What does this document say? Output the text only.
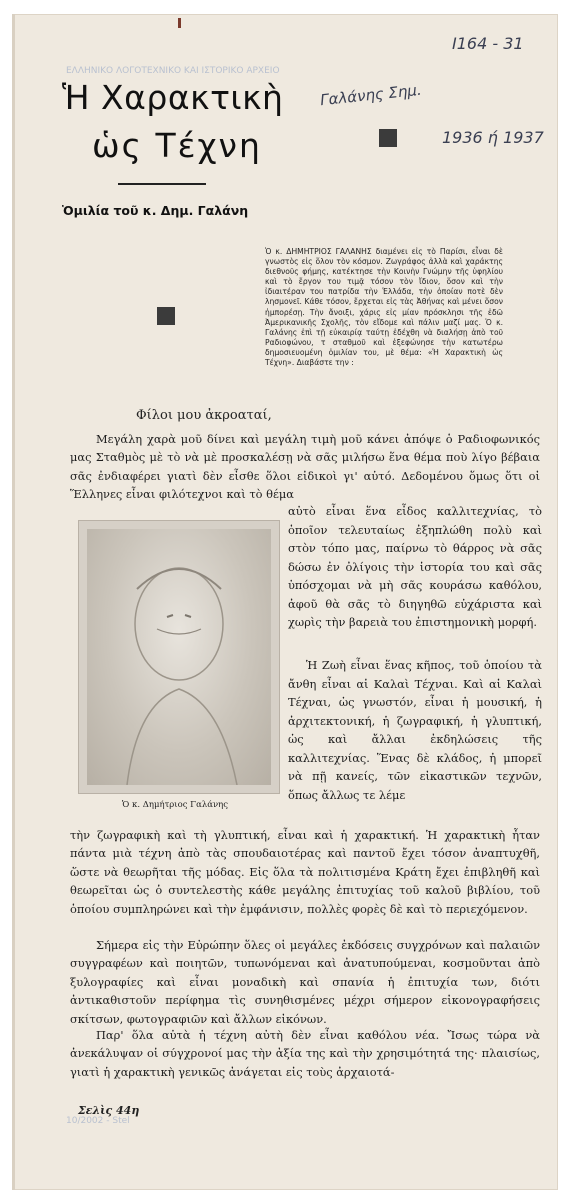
Ι164 - 31
Γαλάνης Σημ.
1936 ή 1937
ΕΛΛΗΝΙΚΟ ΛΟΓΟΤΕΧΝΙΚΟ ΚΑΙ ΙΣΤΟΡΙΚΟ ΑΡΧΕΙΟ
10/2002 - Stel
Ἡ Χαρακτικὴ
ὡς Τέχνη
Ὁμιλία τοῦ κ. Δημ. Γαλάνη
Ὁ κ. ΔΗΜΗΤΡΙΟΣ ΓΑΛΑΝΗΣ διαμένει εἰς τὸ Παρίσι, εἶναι δὲ γνωστὸς εἰς ὅλον τὸν κόσμον. Ζωγράφος ἀλλὰ καὶ χαράκτης διεθνοῦς φήμης, κατέκτησε τὴν Κοινὴν Γνώμην τῆς ὑφηλίου καὶ τὸ ἔργον του τιμᾷ τόσον τὸν ἴδιον, ὅσον καὶ τὴν ἰδιαιτέραν του πατρίδα τὴν Ἑλλάδα, τὴν ὁποίαν ποτὲ δὲν λησμονεῖ. Κάθε τόσον, ἔρχεται εἰς τὰς Ἀθήνας καὶ μένει ὅσον ἠμπορέσῃ. Τὴν ἄνοιξι, χάρις εἰς μίαν πρόσκλησι τῆς ἐδῶ Ἀμερικανικῆς Σχολῆς, τὸν εἴδομε καὶ πάλιν μαζί μας. Ὁ κ. Γαλάνης ἐπὶ τῇ εὐκαιρίᾳ ταύτῃ ἐδέχθη νὰ διαλήσῃ ἀπὸ τοῦ Ραδιοφώνου, τ σταθμοῦ καὶ ἐξεφώνησε τὴν κατωτέρω δημοσιευομένη ὁμιλίαν του, μὲ θέμα: «Ἡ Χαρακτικὴ ὡς Τέχνη». Διαβάστε την :
Φίλοι μου ἀκροαταί,
Μεγάλη χαρὰ μοῦ δίνει καὶ μεγάλη τιμὴ μοῦ κάνει ἀπόψε ὁ Ραδιοφωνικός μας Σταθμὸς μὲ τὸ νὰ μὲ προσκαλέσῃ νὰ σᾶς μιλήσω ἕνα θέμα ποὺ λίγο βέβαια σᾶς ἐνδιαφέρει γιατὶ δὲν εἶσθε ὅλοι εἰδικοὶ γι' αὐτό. Δεδομένου ὅμως ὅτι οἱ Ἕλληνες εἶναι φιλότεχνοι καὶ τὸ θέμα
αὐτὸ εἶναι ἕνα εἶδος καλλιτεχνίας, τὸ ὁποῖον τελευταίως ἐξηπλώθη πολὺ καὶ στὸν τόπο μας, παίρνω τὸ θάρρος νὰ σᾶς δώσω ἐν ὀλίγοις τὴν ἱστορία του καὶ σᾶς ὑπόσχομαι νὰ μὴ σᾶς κουράσω καθόλου, ἀφοῦ θὰ σᾶς τὸ διηγηθῶ εὐχάριστα καὶ χωρὶς τὴν βαρειὰ του ἐπιστημονικὴ μορφή.
Ἡ Ζωὴ εἶναι ἕνας κῆπος, τοῦ ὁποίου τὰ ἄνθη εἶναι αἱ Καλαὶ Τέχναι. Καὶ αἱ Καλαὶ Τέχναι, ὡς γνωστόν, εἶναι ἡ μουσική, ἡ ἀρχιτεκτονική, ἡ ζωγραφική, ἡ γλυπτική, ὡς καὶ ἄλλαι ἐκδηλώσεις τῆς καλλιτεχνίας. Ἕνας δὲ κλάδος, ἠ μπορεῖ νὰ πῇ κανείς, τῶν εἰκαστικῶν τεχνῶν, ὅπως ἄλλως τε λέμε
Ὁ κ. Δημήτριος Γαλάνης
τὴν ζωγραφικὴ καὶ τὴ γλυπτική, εἶναι καὶ ἡ χαρακτική. Ἡ χαρακτικὴ ἦταν πάντα μιὰ τέχνη ἀπὸ τὰς σπουδαιοτέρας καὶ παντοῦ ἔχει τόσον ἀναπτυχθῆ, ὥστε νὰ θεωρῆται τῆς μόδας. Εἰς ὅλα τὰ πολιτισμένα Κράτη ἔχει ἐπιβληθῆ καὶ θεωρεῖται ὡς ὁ συντελεστὴς κάθε μεγάλης ἐπιτυχίας τοῦ καλοῦ βιβλίου, τοῦ ὁποίου συμπληρώνει καὶ τὴν ἐμφάνισιν, πολλὲς φορὲς δὲ καὶ τὸ περιεχόμενον.
Σήμερα εἰς τὴν Εὐρώπην ὅλες οἱ μεγάλες ἐκδόσεις συγχρόνων καὶ παλαιῶν συγγραφέων καὶ ποιητῶν, τυπωνόμεναι καὶ ἀνατυπούμεναι, κοσμοῦνται ἀπὸ ξυλογραφίες καὶ εἶναι μοναδικὴ καὶ σπανία ἡ ἐπιτυχία των, διότι ἀντικαθιστοῦν περίφημα τὶς συνηθισμένες μέχρι σήμερον εἰκονογραφήσεις σκίτσων, φωτογραφιῶν καὶ ἄλλων εἰκόνων.
Παρ' ὅλα αὐτὰ ἡ τέχνη αὐτὴ δὲν εἶναι καθόλου νέα. Ἴσως τώρα νὰ ἀνεκάλυψαν οἱ σύγχρονοί μας τὴν ἀξία της καὶ τὴν χρησιμότητά της· πλαισίως, γιατὶ ἡ χαρακτικὴ γενικῶς ἀνάγεται εἰς τοὺς ἀρχαιοτά-
Σελὶς 44η
